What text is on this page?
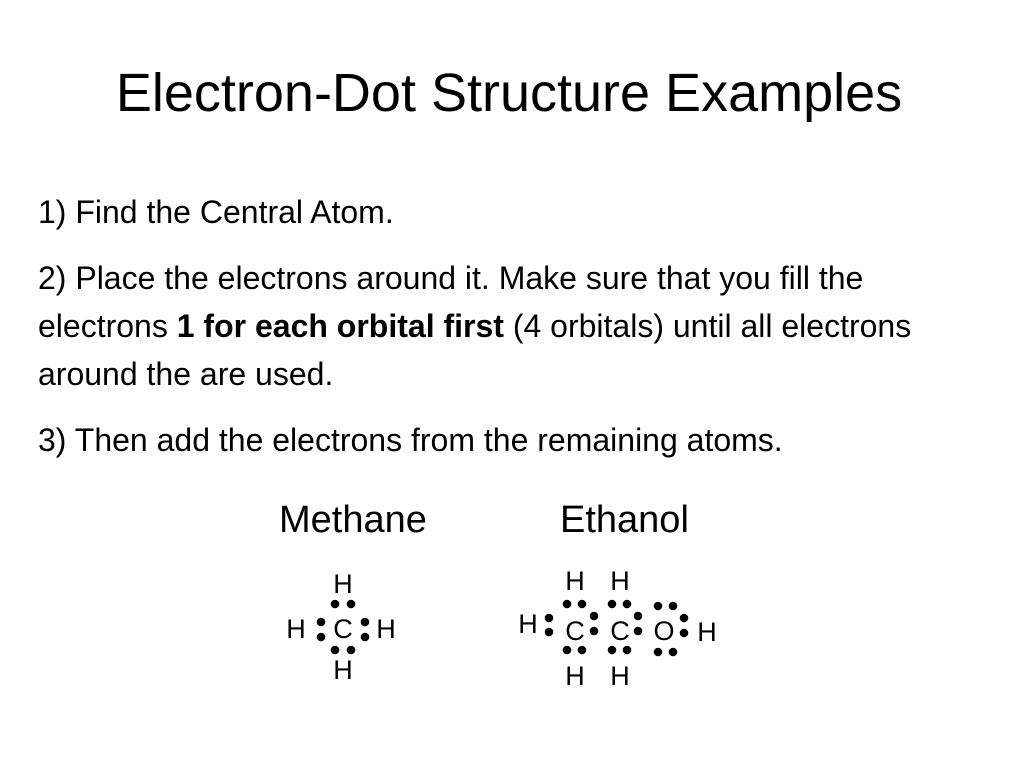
Electron-Dot Structure Examples

1) Find the Central Atom.

2) Place the electrons around it. Make sure that you fill the electrons 1 for each orbital first (4 orbitals) until all electrons around the are used.

3) Then add the electrons from the remaining atoms.

Methane	Ethanol
H
H C H
H
H H
H C C O H
H H
